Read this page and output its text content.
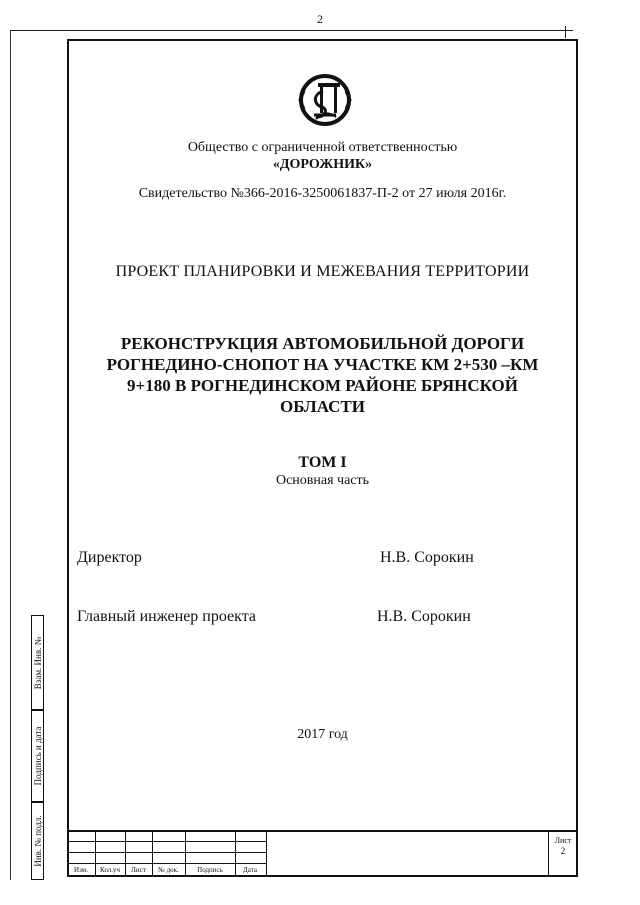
2
Общество с ограниченной ответственностью
«ДОРОЖНИК»
Свидетельство №366-2016-3250061837-П-2 от 27 июля 2016г.
ПРОЕКТ ПЛАНИРОВКИ И МЕЖЕВАНИЯ ТЕРРИТОРИИ
РЕКОНСТРУКЦИЯ АВТОМОБИЛЬНОЙ ДОРОГИ
РОГНЕДИНО-СНОПОТ НА УЧАСТКЕ КМ 2+530 –КМ
9+180 В РОГНЕДИНСКОМ РАЙОНЕ БРЯНСКОЙ
ОБЛАСТИ
ТОМ I
Основная часть
Директор	Н.В. Сорокин
Главный инженер проекта	Н.В. Сорокин
2017 год
Взам. Инв. №
Подпись и дата
Инв. № подл.
Изм.	Кол.уч	Лист	№ док.	Подпись	Дата
Лист
2
